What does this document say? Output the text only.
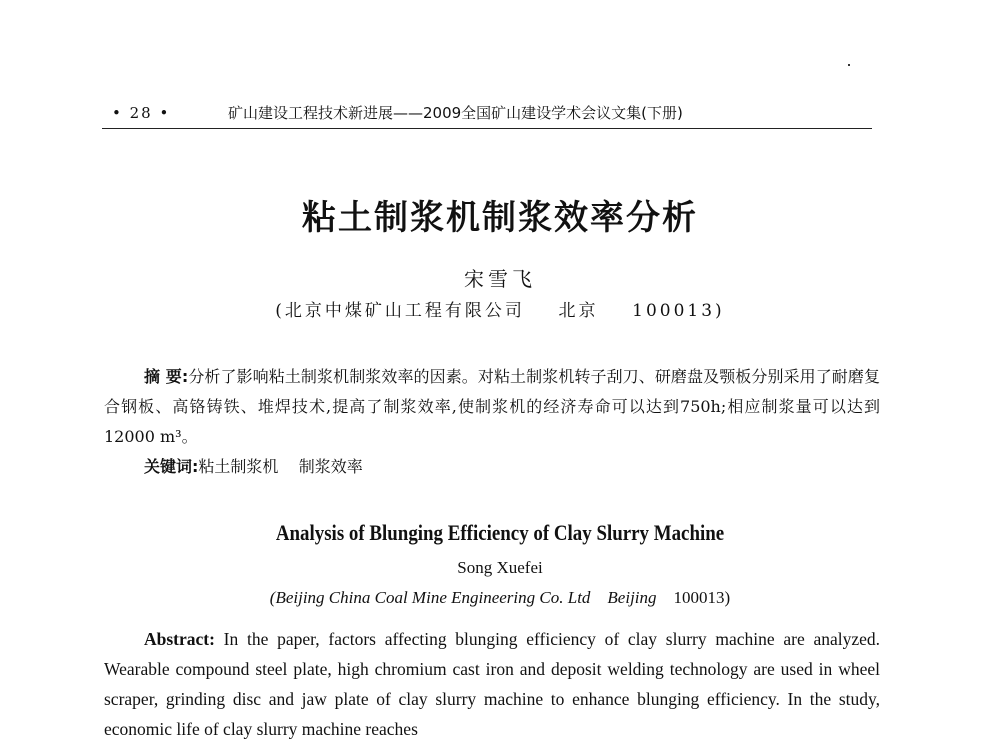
• 28 •	矿山建设工程技术新进展——2009全国矿山建设学术会议文集(下册)
粘土制浆机制浆效率分析
宋雪飞
(北京中煤矿山工程有限公司    北京    100013)
摘 要:分析了影响粘土制浆机制浆效率的因素。对粘土制浆机转子刮刀、研磨盘及颚板分别采用了耐磨复合钢板、高铬铸铁、堆焊技术,提高了制浆效率,使制浆机的经济寿命可以达到750h;相应制浆量可以达到12000 m³。
关键词:粘土制浆机    制浆效率
Analysis of Blunging Efficiency of Clay Slurry Machine
Song Xuefei
(Beijing China Coal Mine Engineering Co. Ltd    Beijing    100013)
Abstract: In the paper, factors affecting blunging efficiency of clay slurry machine are analyzed. Wearable compound steel plate, high chromium cast iron and deposit welding technology are used in wheel scraper, grinding disc and jaw plate of clay slurry machine to enhance blunging efficiency. In the study, economic life of clay slurry machine reaches
